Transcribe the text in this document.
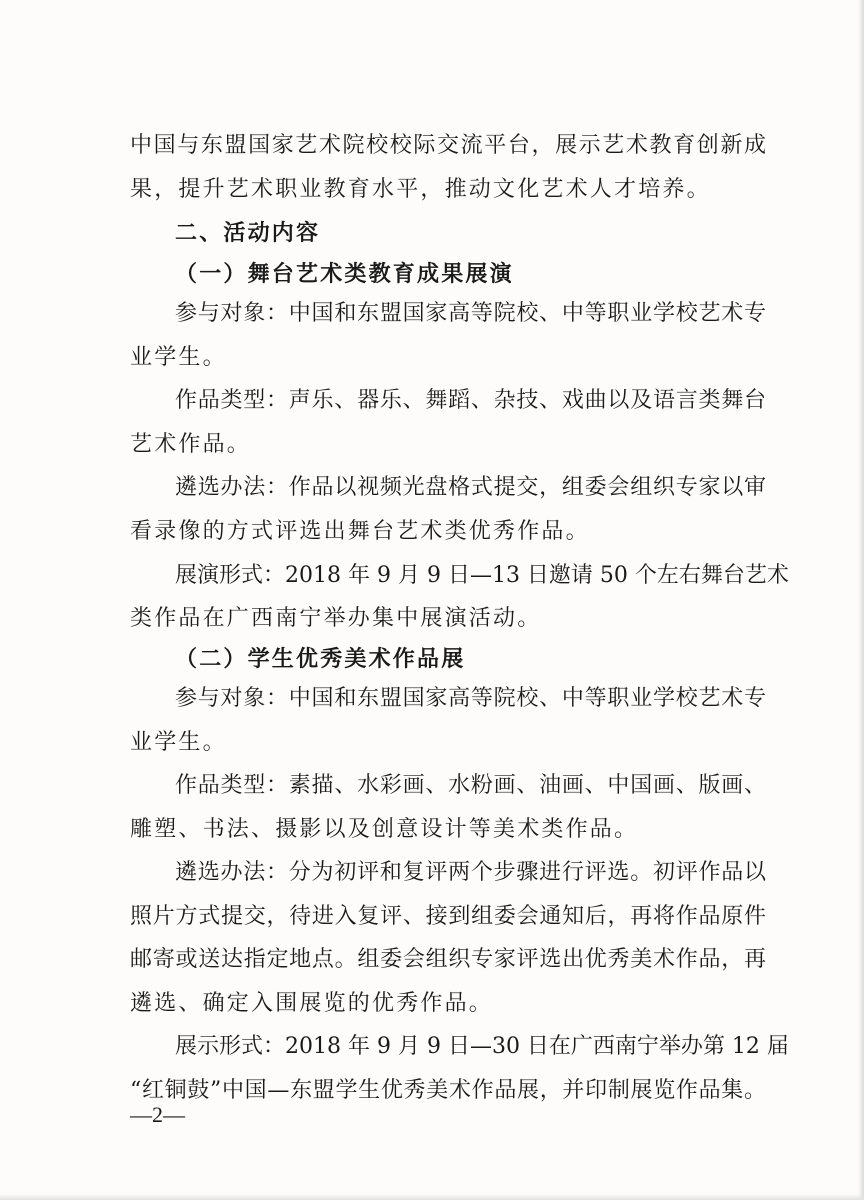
中国与东盟国家艺术院校校际交流平台，展示艺术教育创新成
果，提升艺术职业教育水平，推动文化艺术人才培养。
二、活动内容
（一）舞台艺术类教育成果展演
参与对象：中国和东盟国家高等院校、中等职业学校艺术专
业学生。
作品类型：声乐、器乐、舞蹈、杂技、戏曲以及语言类舞台
艺术作品。
遴选办法：作品以视频光盘格式提交，组委会组织专家以审
看录像的方式评选出舞台艺术类优秀作品。
展演形式：2018 年 9 月 9 日—13 日邀请 50 个左右舞台艺术
类作品在广西南宁举办集中展演活动。
（二）学生优秀美术作品展
参与对象：中国和东盟国家高等院校、中等职业学校艺术专
业学生。
作品类型：素描、水彩画、水粉画、油画、中国画、版画、
雕塑、书法、摄影以及创意设计等美术类作品。
遴选办法：分为初评和复评两个步骤进行评选。初评作品以
照片方式提交，待进入复评、接到组委会通知后，再将作品原件
邮寄或送达指定地点。组委会组织专家评选出优秀美术作品，再
遴选、确定入围展览的优秀作品。
展示形式：2018 年 9 月 9 日—30 日在广西南宁举办第 12 届
“红铜鼓”中国—东盟学生优秀美术作品展，并印制展览作品集。
—2—
